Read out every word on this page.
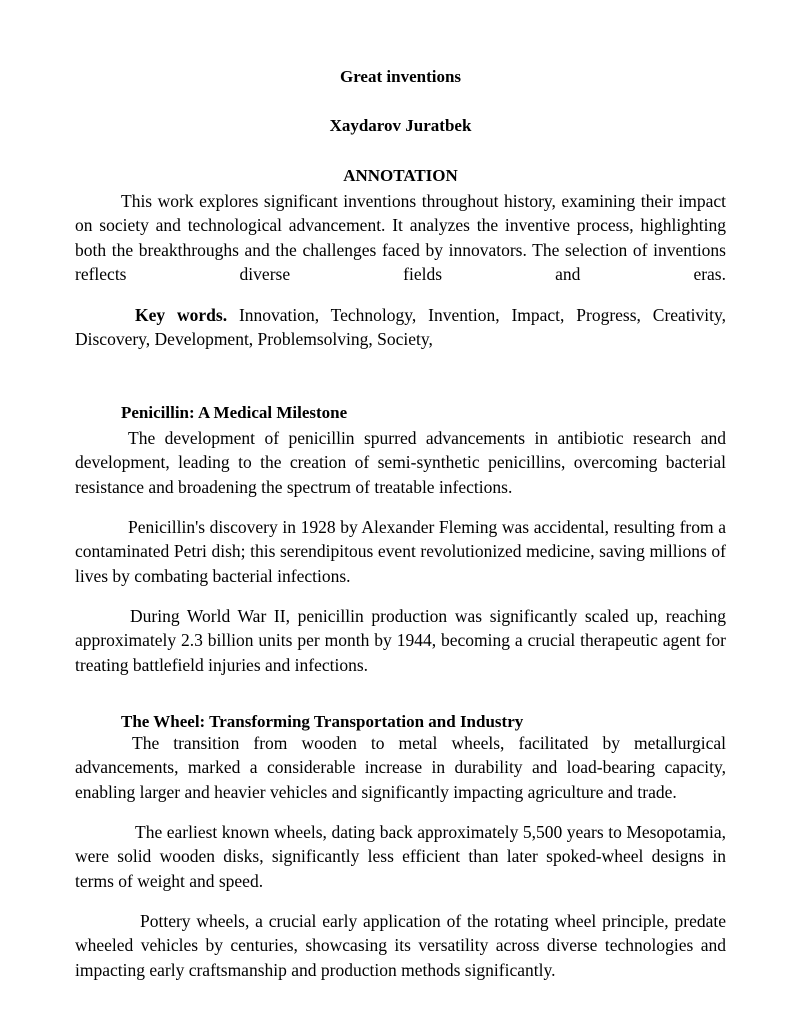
Great inventions

Xaydarov Juratbek

ANNOTATION

This work explores significant inventions throughout history, examining their impact on society and technological advancement. It analyzes the inventive process, highlighting both the breakthroughs and the challenges faced by innovators. The selection of inventions reflects diverse fields and eras.

Key words. Innovation, Technology, Invention, Impact, Progress, Creativity, Discovery, Development, Problemsolving, Society,

Penicillin: A Medical Milestone

The development of penicillin spurred advancements in antibiotic research and development, leading to the creation of semi-synthetic penicillins, overcoming bacterial resistance and broadening the spectrum of treatable infections.

Penicillin's discovery in 1928 by Alexander Fleming was accidental, resulting from a contaminated Petri dish; this serendipitous event revolutionized medicine, saving millions of lives by combating bacterial infections.

During World War II, penicillin production was significantly scaled up, reaching approximately 2.3 billion units per month by 1944, becoming a crucial therapeutic agent for treating battlefield injuries and infections.

The Wheel: Transforming Transportation and Industry

The transition from wooden to metal wheels, facilitated by metallurgical advancements, marked a considerable increase in durability and load-bearing capacity, enabling larger and heavier vehicles and significantly impacting agriculture and trade.

The earliest known wheels, dating back approximately 5,500 years to Mesopotamia, were solid wooden disks, significantly less efficient than later spoked-wheel designs in terms of weight and speed.

Pottery wheels, a crucial early application of the rotating wheel principle, predate wheeled vehicles by centuries, showcasing its versatility across diverse technologies and impacting early craftsmanship and production methods significantly.
